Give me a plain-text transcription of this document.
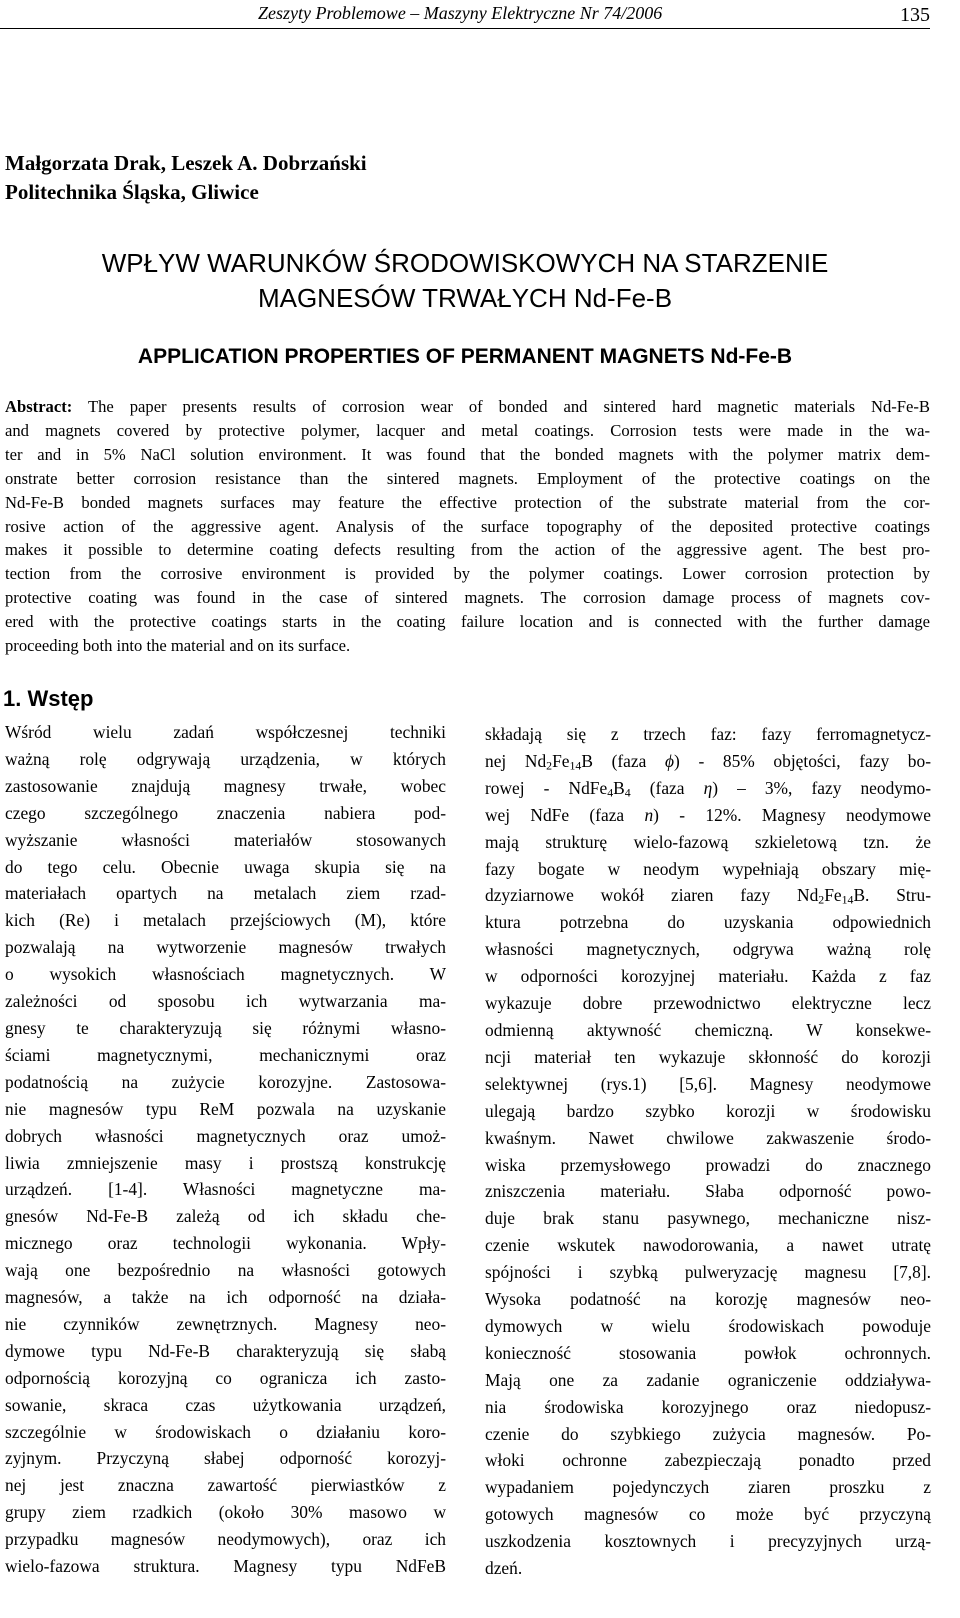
Zeszyty Problemowe – Maszyny Elektryczne Nr 74/2006	135
Małgorzata Drak, Leszek A. Dobrzański
Politechnika Śląska, Gliwice
WPŁYW WARUNKÓW ŚRODOWISKOWYCH NA STARZENIE
MAGNESÓW TRWAŁYCH Nd-Fe-B
APPLICATION PROPERTIES OF PERMANENT MAGNETS Nd-Fe-B
Abstract: The paper presents results of corrosion wear of bonded and sintered hard magnetic materials Nd-Fe-B
and magnets covered by protective polymer, lacquer and metal coatings. Corrosion tests were made in the wa-
ter and in 5% NaCl solution environment. It was found that the bonded magnets with the polymer matrix dem-
onstrate better corrosion resistance than the sintered magnets. Employment of the protective coatings on the
Nd-Fe-B bonded magnets surfaces may feature the effective protection of the substrate material from the cor-
rosive action of the aggressive agent. Analysis of the surface topography of the deposited protective coatings
makes it possible to determine coating defects resulting from the action of the aggressive agent. The best pro-
tection from the corrosive environment is provided by the polymer coatings. Lower corrosion protection by
protective coating was found in the case of sintered magnets. The corrosion damage process of magnets cov-
ered with the protective coatings starts in the coating failure location and is connected with the further damage
proceeding both into the material and on its surface.
1. Wstęp
Wśród wielu zadań współczesnej techniki
ważną rolę odgrywają urządzenia, w których
zastosowanie znajdują magnesy trwałe, wobec
czego szczególnego znaczenia nabiera pod-
wyższanie własności materiałów stosowanych
do tego celu. Obecnie uwaga skupia się na
materiałach opartych na metalach ziem rzad-
kich (Re) i metalach przejściowych (M), które
pozwalają na wytworzenie magnesów trwałych
o wysokich własnościach magnetycznych. W
zależności od sposobu ich wytwarzania ma-
gnesy te charakteryzują się różnymi własno-
ściami magnetycznymi, mechanicznymi oraz
podatnością na zużycie korozyjne. Zastosowa-
nie magnesów typu ReM pozwala na uzyskanie
dobrych własności magnetycznych oraz umoż-
liwia zmniejszenie masy i prostszą konstrukcję
urządzeń. [1-4]. Własności magnetyczne ma-
gnesów Nd-Fe-B zależą od ich składu che-
micznego oraz technologii wykonania. Wpły-
wają one bezpośrednio na własności gotowych
magnesów, a także na ich odporność na działa-
nie czynników zewnętrznych. Magnesy neo-
dymowe typu Nd-Fe-B charakteryzują się słabą
odpornością korozyjną co ogranicza ich zasto-
sowanie, skraca czas użytkowania urządzeń,
szczególnie w środowiskach o działaniu koro-
zyjnym. Przyczyną słabej odporność korozyj-
nej jest znaczna zawartość pierwiastków z
grupy ziem rzadkich (około 30% masowo w
przypadku magnesów neodymowych), oraz ich
wielo-fazowa struktura. Magnesy typu NdFeB
składają się z trzech faz: fazy ferromagnetycz-
nej $Nd_2Fe_{14}B$ (faza ϕ) - 85% objętości, fazy bo-
rowej - $NdFe_4B_4$ (faza η) – 3%, fazy neodymo-
wej NdFe (faza n) - 12%. Magnesy neodymowe
mają strukturę wielo-fazową szkieletową tzn. że
fazy bogate w neodym wypełniają obszary mię-
dzyziarnowe wokół ziaren fazy $Nd_2Fe_{14}B$. Stru-
ktura potrzebna do uzyskania odpowiednich
własności magnetycznych, odgrywa ważną rolę
w odporności korozyjnej materiału. Każda z faz
wykazuje dobre przewodnictwo elektryczne lecz
odmienną aktywność chemiczną. W konsekwe-
ncji materiał ten wykazuje skłonność do korozji
selektywnej (rys.1) [5,6]. Magnesy neodymowe
ulegają bardzo szybko korozji w środowisku
kwaśnym. Nawet chwilowe zakwaszenie środo-
wiska przemysłowego prowadzi do znacznego
zniszczenia materiału. Słaba odporność powo-
duje brak stanu pasywnego, mechaniczne nisz-
czenie wskutek nawodorowania, a nawet utratę
spójności i szybką pulweryzację magnesu [7,8].
Wysoka podatność na korozję magnesów neo-
dymowych w wielu środowiskach powoduje
konieczność stosowania powłok ochronnych.
Mają one za zadanie ograniczenie oddziaływa-
nia środowiska korozyjnego oraz niedopusz-
czenie do szybkiego zużycia magnesów. Po-
włoki ochronne zabezpieczają ponadto przed
wypadaniem pojedynczych ziaren proszku z
gotowych magnesów co może być przyczyną
uszkodzenia kosztownych i precyzyjnych urzą-
dzeń.
